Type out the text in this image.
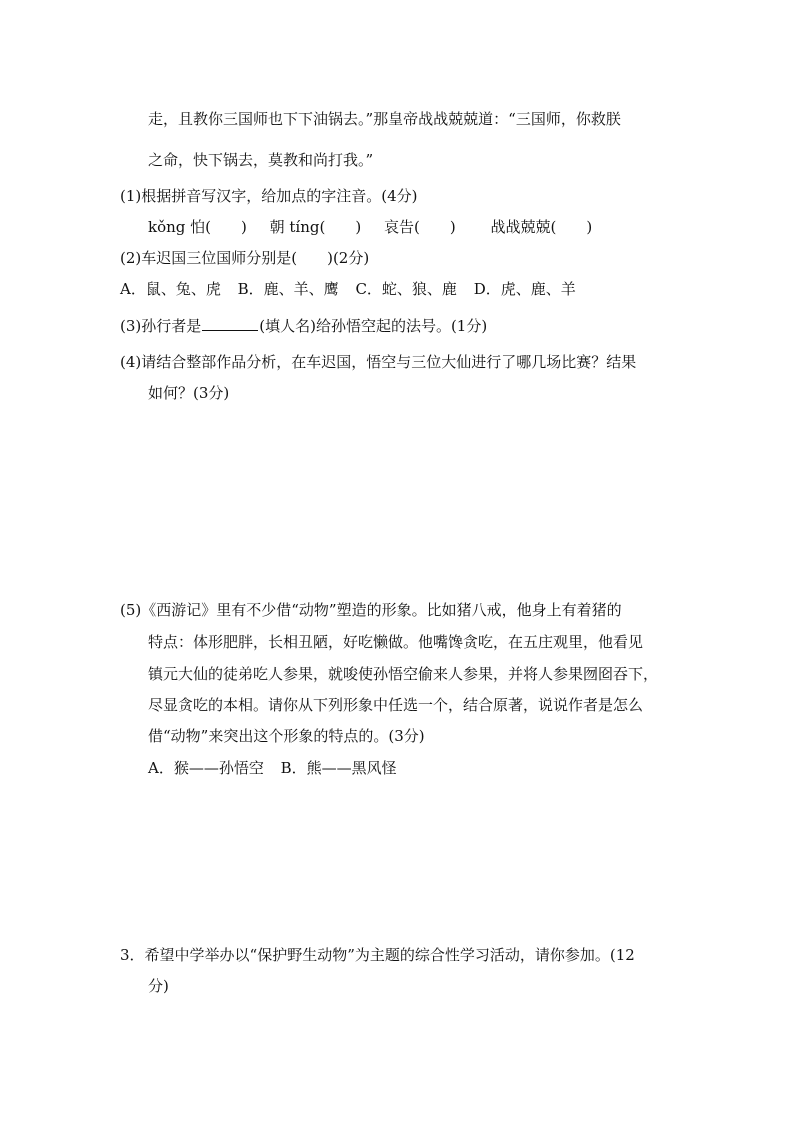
走，且教你三国师也下下油锅去。”那皇帝战战兢兢道：“三国师，你救朕
之命，快下锅去，莫教和尚打我。”
(1)根据拼音写汉字，给加点的字注音。(4分)
kǒng 怕(　　) 朝 tíng(　　) 哀告(　　) 战战兢兢(　　)
(2)车迟国三位国师分别是(　　)(2分)
A．鼠、兔、虎 B．鹿、羊、鹰 C．蛇、狼、鹿 D．虎、鹿、羊
(3)孙行者是	(填人名)给孙悟空起的法号。(1分)
(4)请结合整部作品分析，在车迟国，悟空与三位大仙进行了哪几场比赛？结果
如何？(3分)
(5)《西游记》里有不少借“动物”塑造的形象。比如猪八戒，他身上有着猪的
特点：体形肥胖，长相丑陋，好吃懒做。他嘴馋贪吃，在五庄观里，他看见
镇元大仙的徒弟吃人参果，就唆使孙悟空偷来人参果，并将人参果囫囵吞下，
尽显贪吃的本相。请你从下列形象中任选一个，结合原著，说说作者是怎么
借“动物”来突出这个形象的特点的。(3分)
A．猴——孙悟空 B．熊——黑风怪
3．希望中学举办以“保护野生动物”为主题的综合性学习活动，请你参加。(12
分)
